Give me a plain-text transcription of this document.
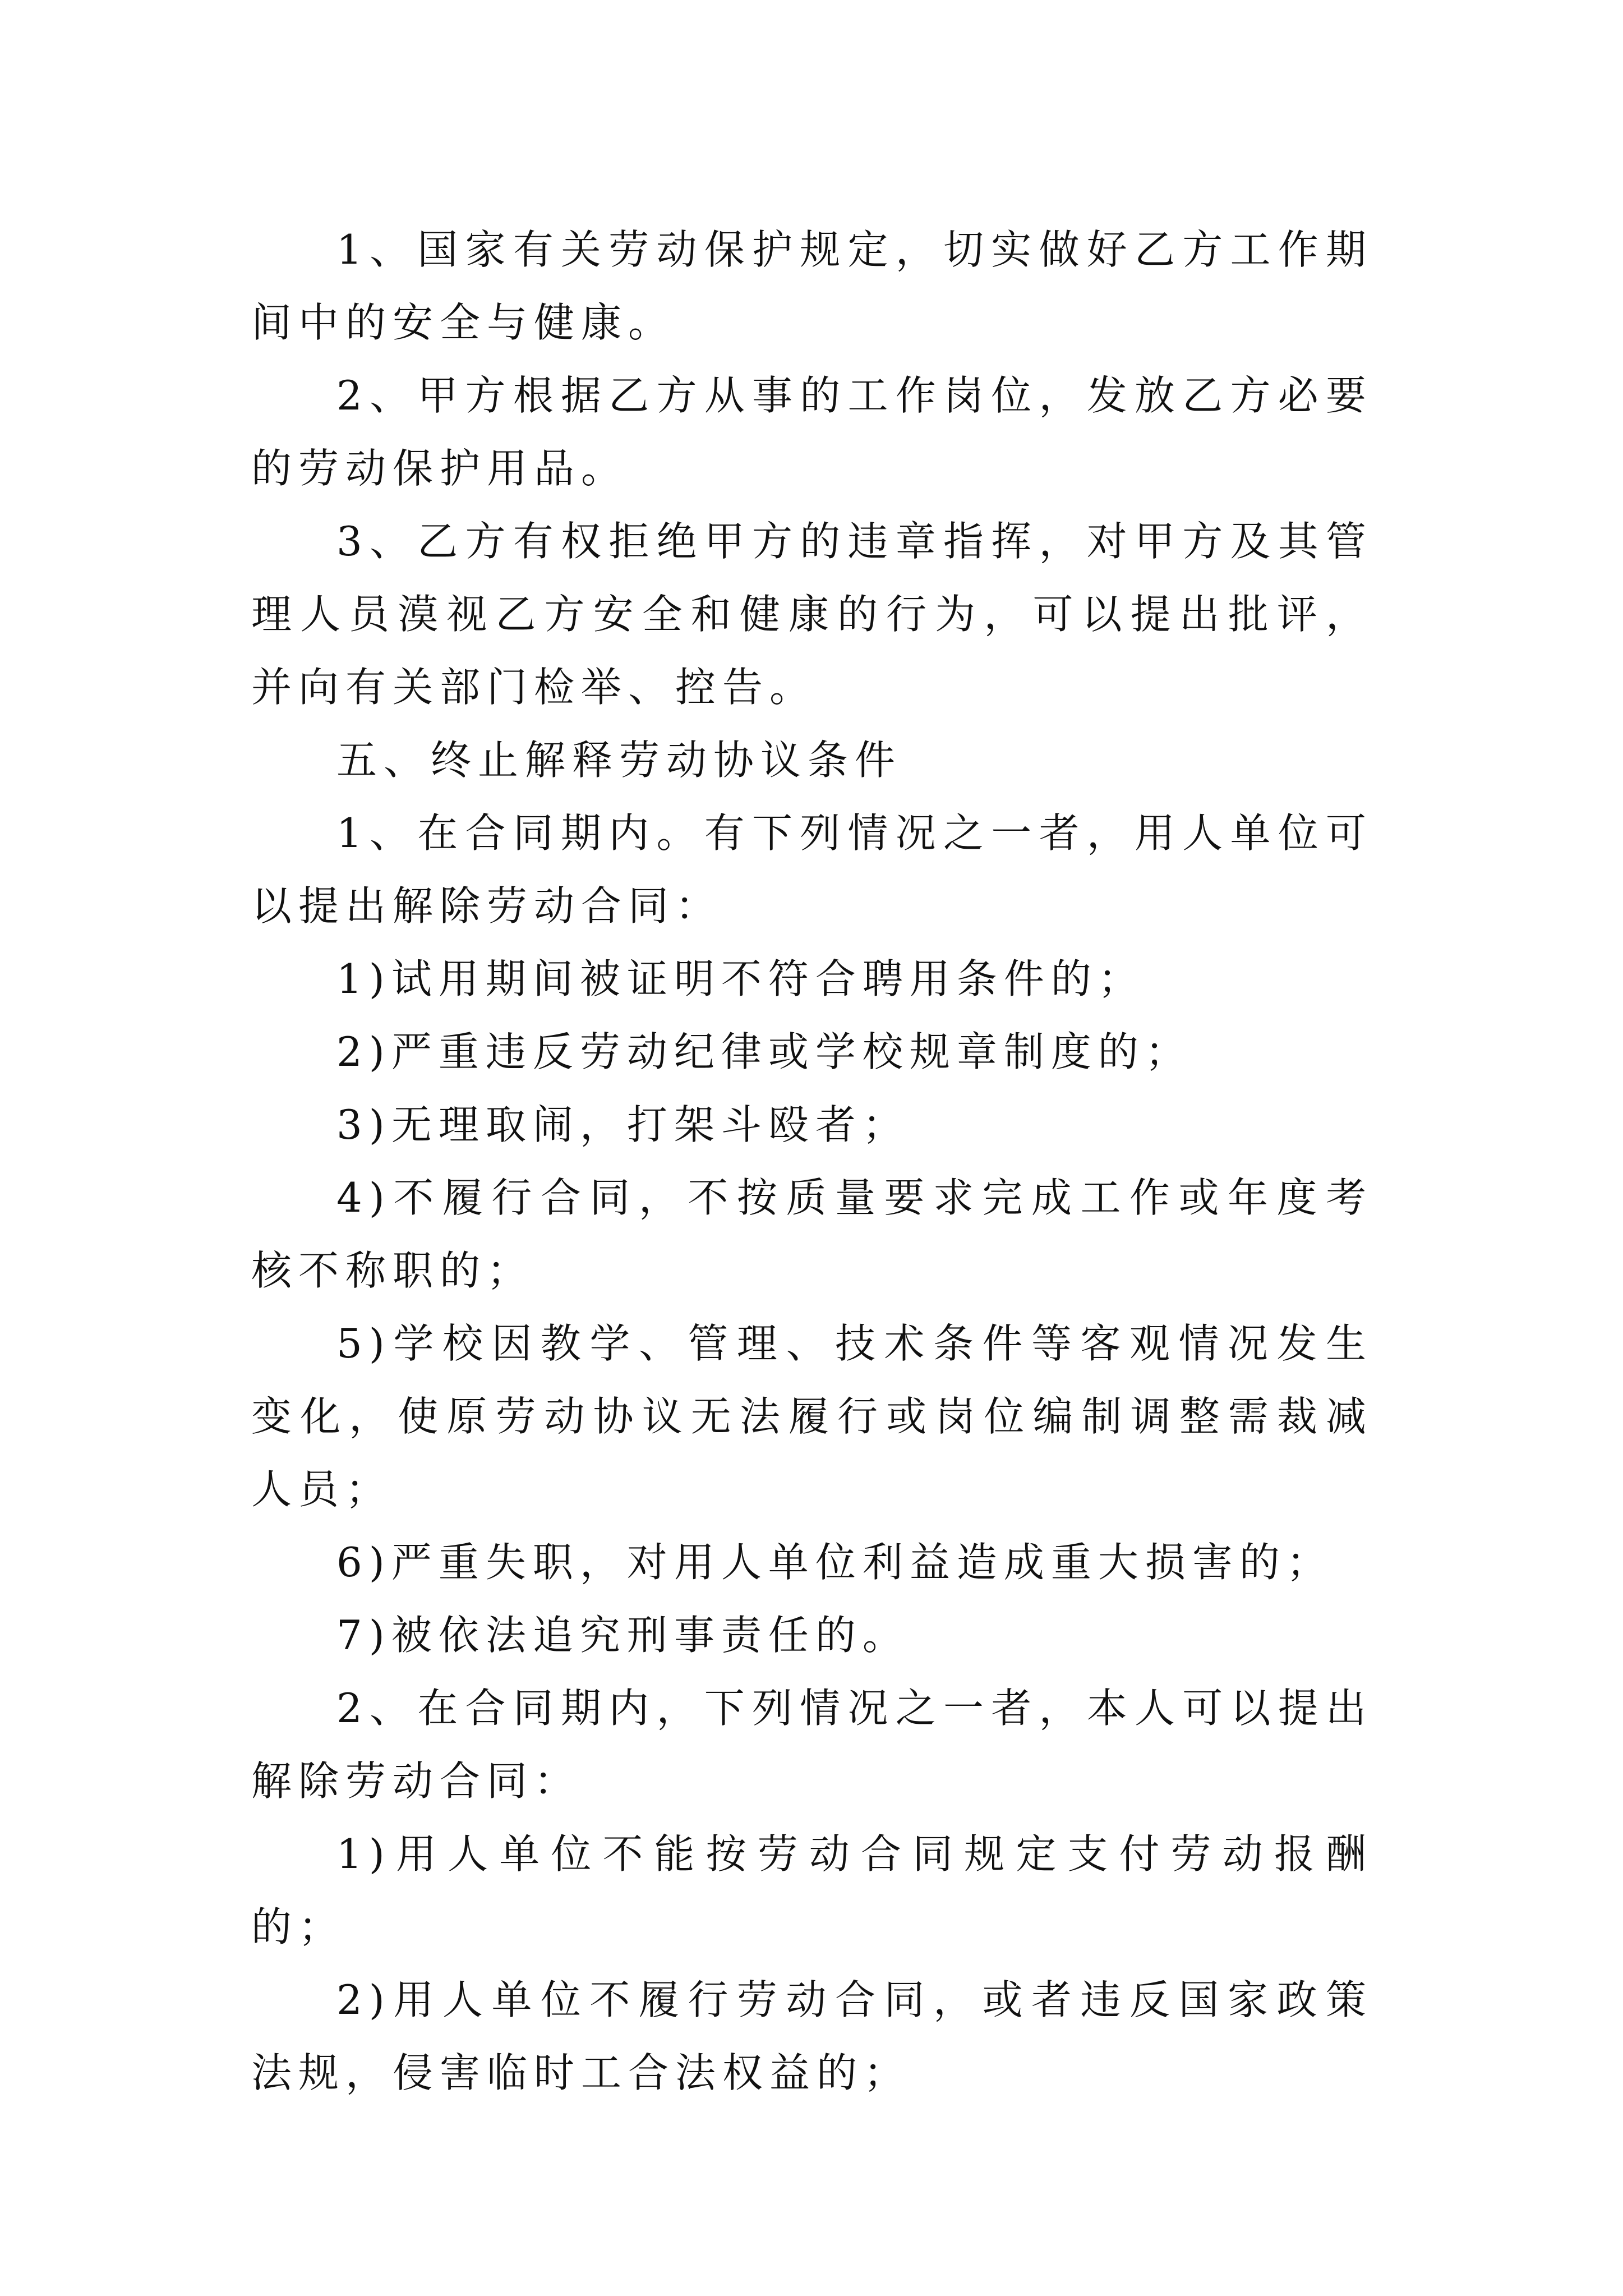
1、国家有关劳动保护规定，切实做好乙方工作期间中的安全与健康。

2、甲方根据乙方从事的工作岗位，发放乙方必要的劳动保护用品。

3、乙方有权拒绝甲方的违章指挥，对甲方及其管理人员漠视乙方安全和健康的行为，可以提出批评，并向有关部门检举、控告。

五、终止解释劳动协议条件

1、在合同期内。有下列情况之一者，用人单位可以提出解除劳动合同：

1)试用期间被证明不符合聘用条件的；

2)严重违反劳动纪律或学校规章制度的；

3)无理取闹，打架斗殴者；

4)不履行合同，不按质量要求完成工作或年度考核不称职的；

5)学校因教学、管理、技术条件等客观情况发生变化，使原劳动协议无法履行或岗位编制调整需裁减人员；

6)严重失职，对用人单位利益造成重大损害的；

7)被依法追究刑事责任的。

2、在合同期内，下列情况之一者，本人可以提出解除劳动合同：

1)用人单位不能按劳动合同规定支付劳动报酬的；

2)用人单位不履行劳动合同，或者违反国家政策法规，侵害临时工合法权益的；
